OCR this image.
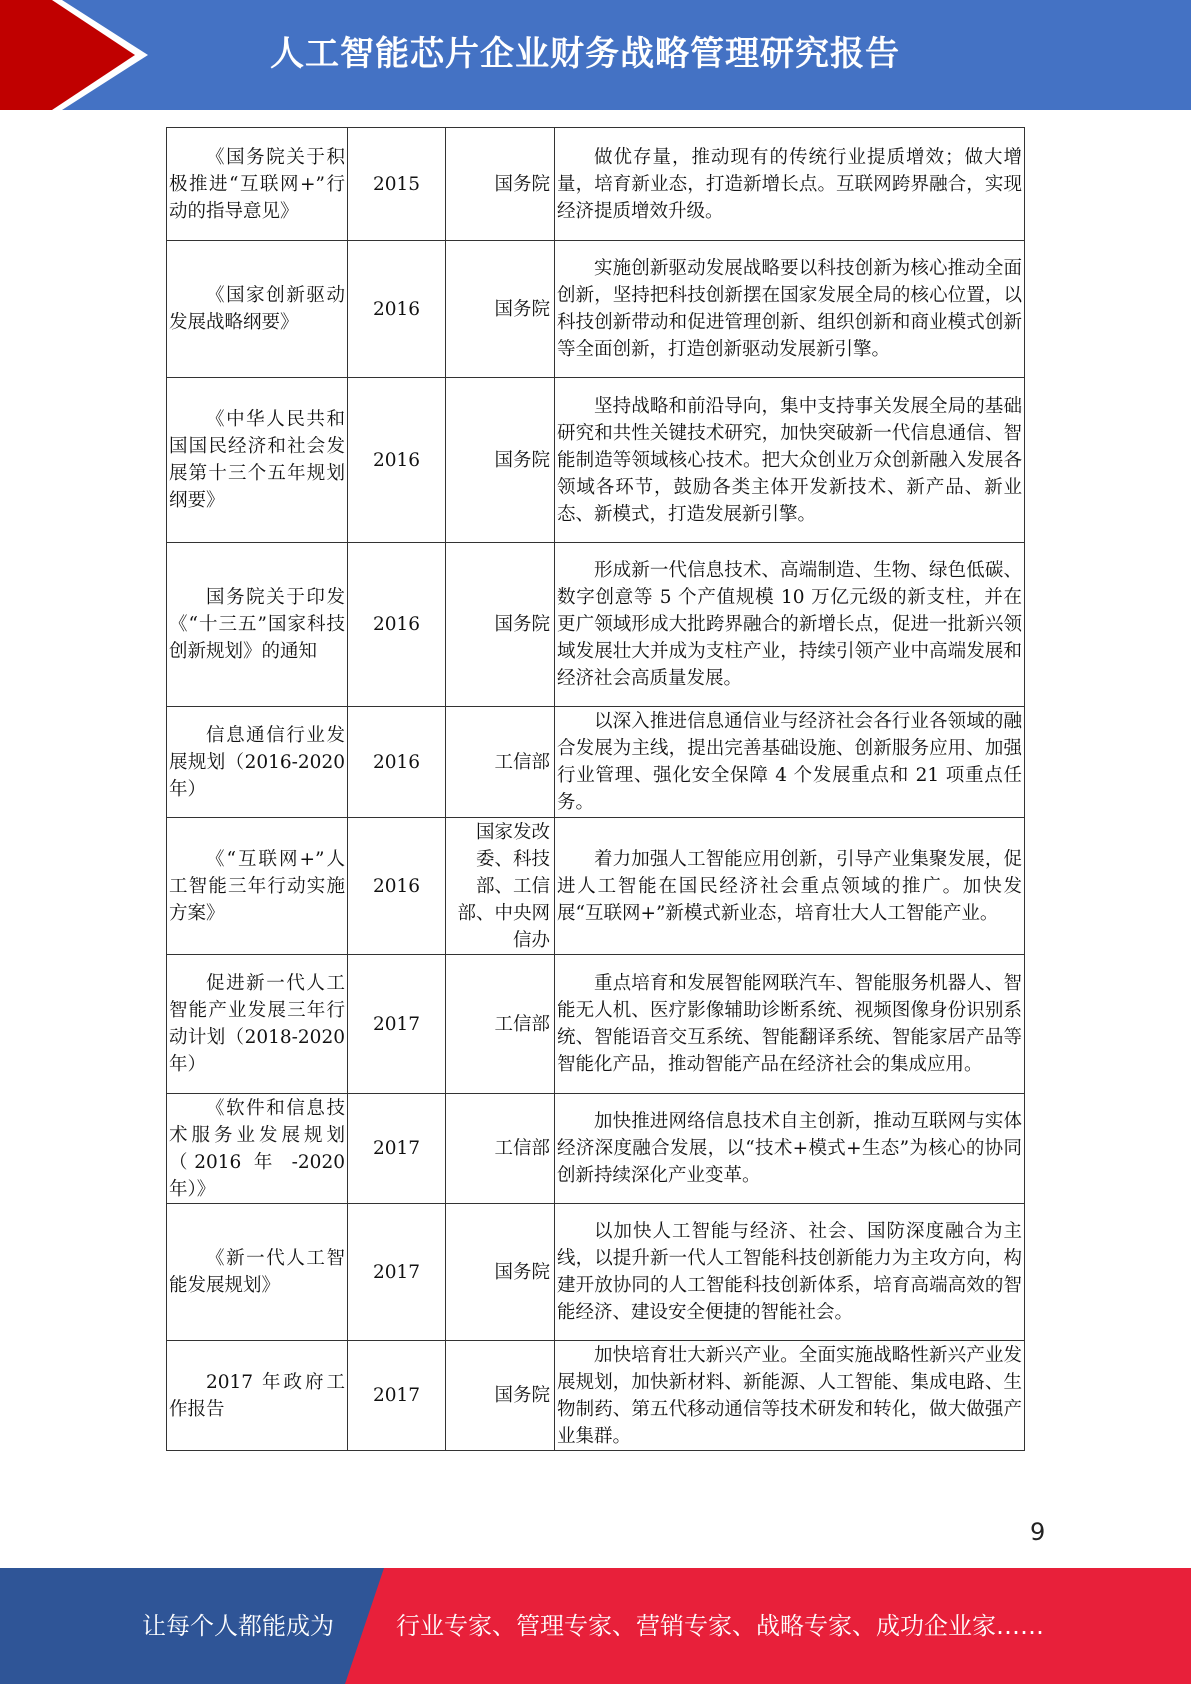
人工智能芯片企业财务战略管理研究报告
《国务院关于积极推进“互联网+”行动的指导意见》	2015	国务院	做优存量，推动现有的传统行业提质增效；做大增量，培育新业态，打造新增长点。互联网跨界融合，实现经济提质增效升级。
《国家创新驱动发展战略纲要》	2016	国务院	实施创新驱动发展战略要以科技创新为核心推动全面创新，坚持把科技创新摆在国家发展全局的核心位置，以科技创新带动和促进管理创新、组织创新和商业模式创新等全面创新，打造创新驱动发展新引擎。
《中华人民共和国国民经济和社会发展第十三个五年规划纲要》	2016	国务院	坚持战略和前沿导向，集中支持事关发展全局的基础研究和共性关键技术研究，加快突破新一代信息通信、智能制造等领域核心技术。把大众创业万众创新融入发展各领域各环节，鼓励各类主体开发新技术、新产品、新业态、新模式，打造发展新引擎。
国务院关于印发《“十三五”国家科技创新规划》的通知	2016	国务院	形成新一代信息技术、高端制造、生物、绿色低碳、数字创意等 5 个产值规模 10 万亿元级的新支柱，并在更广领域形成大批跨界融合的新增长点，促进一批新兴领域发展壮大并成为支柱产业，持续引领产业中高端发展和经济社会高质量发展。
信息通信行业发展规划（2016-2020 年）	2016	工信部	以深入推进信息通信业与经济社会各行业各领域的融合发展为主线，提出完善基础设施、创新服务应用、加强行业管理、强化安全保障 4 个发展重点和 21 项重点任务。
《“互联网+”人工智能三年行动实施方案》	2016	国家发改委、科技部、工信部、中央网信办	着力加强人工智能应用创新，引导产业集聚发展，促进人工智能在国民经济社会重点领域的推广。加快发展“互联网+”新模式新业态，培育壮大人工智能产业。
促进新一代人工智能产业发展三年行动计划（2018-2020 年）	2017	工信部	重点培育和发展智能网联汽车、智能服务机器人、智能无人机、医疗影像辅助诊断系统、视频图像身份识别系统、智能语音交互系统、智能翻译系统、智能家居产品等智能化产品，推动智能产品在经济社会的集成应用。
《软件和信息技术服务业发展规划（2016 年 -2020 年）》	2017	工信部	加快推进网络信息技术自主创新，推动互联网与实体经济深度融合发展，以“技术+模式+生态”为核心的协同创新持续深化产业变革。
《新一代人工智能发展规划》	2017	国务院	以加快人工智能与经济、社会、国防深度融合为主线，以提升新一代人工智能科技创新能力为主攻方向，构建开放协同的人工智能科技创新体系，培育高端高效的智能经济、建设安全便捷的智能社会。
2017 年政府工作报告	2017	国务院	加快培育壮大新兴产业。全面实施战略性新兴产业发展规划，加快新材料、新能源、人工智能、集成电路、生物制药、第五代移动通信等技术研发和转化，做大做强产业集群。
9
让每个人都能成为	行业专家、管理专家、营销专家、战略专家、成功企业家……
